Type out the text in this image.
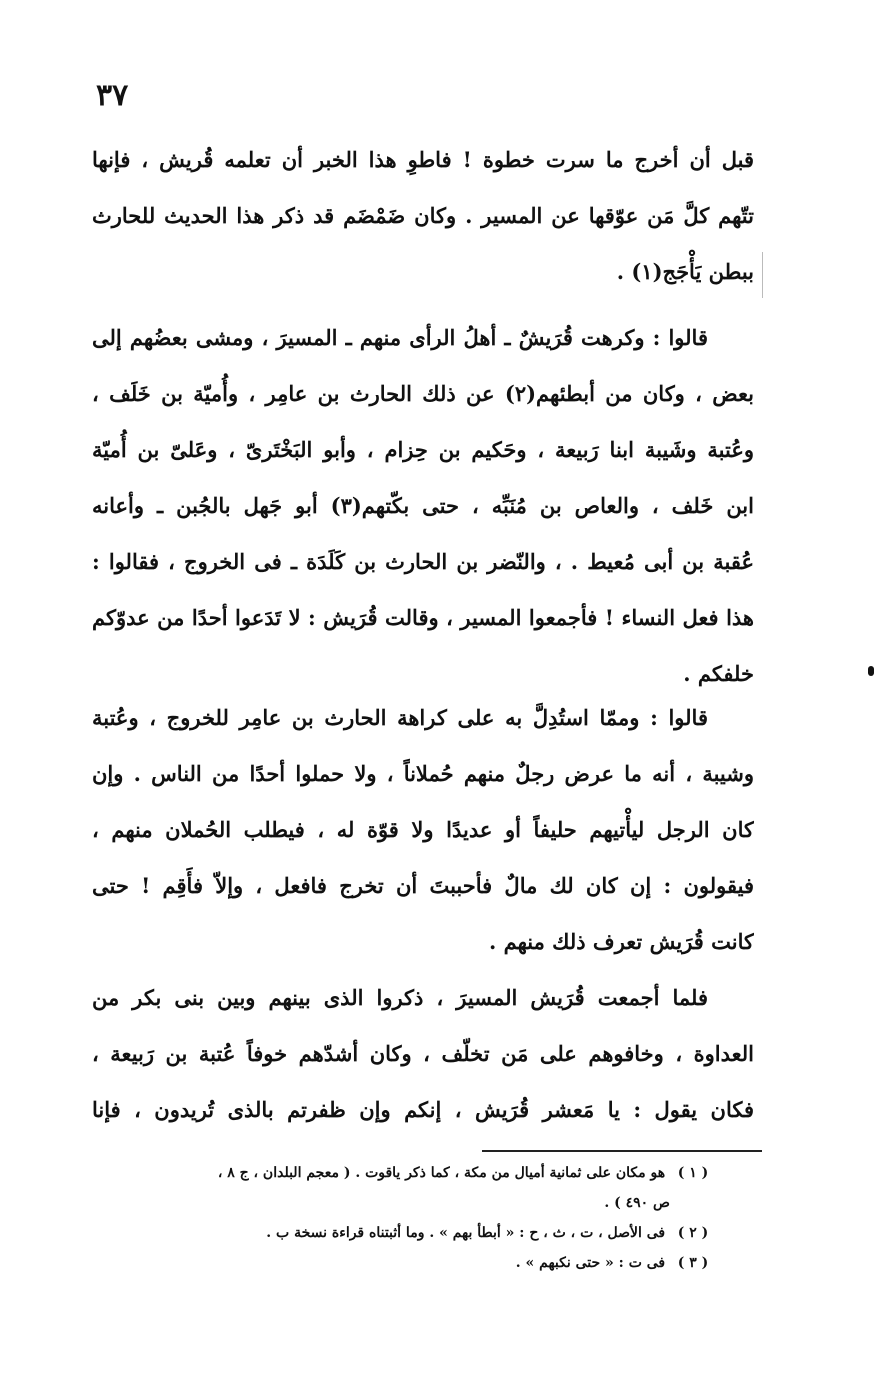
٣٧
قبل أن أخرج ما سرت خطوة ! فاطوِ هذا الخبر أن تعلمه قُريش ، فإنها
تتّهم كلَّ مَن عوّقها عن المسير . وكان ضَمْضَم قد ذكر هذا الحديث للحارث
ببطن يَأْجَج(١) .
قالوا : وكرهت قُرَيشٌ ـ أهلُ الرأى منهم ـ المسيرَ ، ومشى بعضُهم إلى
بعض ، وكان من أبطئهم(٢) عن ذلك الحارث بن عامِر ، وأُميّة بن خَلَف ،
وعُتبة وشَيبة ابنا رَبيعة ، وحَكيم بن حِزام ، وأبو البَخْتَرىّ ، وعَلىّ بن أُميّة
ابن خَلف ، والعاص بن مُنَبِّه ، حتى بكّتهم(٣) أبو جَهل بالجُبن ـ وأعانه
عُقبة بن أبى مُعيط . ، والنّضر بن الحارث بن كَلَدَة ـ فى الخروج ، فقالوا :
هذا فعل النساء ! فأجمعوا المسير ، وقالت قُرَيش : لا تَدَعوا أحدًا من عدوّكم
خلفكم .
قالوا : وممّا استُدِلَّ به على كراهة الحارث بن عامِر للخروج ، وعُتبة
وشيبة ، أنه ما عرض رجلٌ منهم حُملاناً ، ولا حملوا أحدًا من الناس . وإن
كان الرجل ليأْتيهم حليفاً أو عديدًا ولا قوّة له ، فيطلب الحُملان منهم ،
فيقولون : إن كان لك مالٌ فأحببتَ أن تخرج فافعل ، وإلاّ فأَقِم ! حتى
كانت قُرَيش تعرف ذلك منهم .
فلما أجمعت قُرَيش المسيرَ ، ذكروا الذى بينهم وبين بنى بكر من
العداوة ، وخافوهم على مَن تخلّف ، وكان أشدّهم خوفاً عُتبة بن رَبيعة ،
فكان يقول : يا مَعشر قُرَيش ، إنكم وإن ظفرتم بالذى تُريدون ، فإنا
( ١ ) هو مكان على ثمانية أميال من مكة ، كما ذكر ياقوت . ( معجم البلدان ، ج ٨ ،
ص ٤٩٠ ) .
( ٢ ) فى الأصل ، ت ، ث ، ح : « أبطأ بهم » . وما أثبتناه قراءة نسخة ب .
( ٣ ) فى ت : « حتى نكبهم » .
